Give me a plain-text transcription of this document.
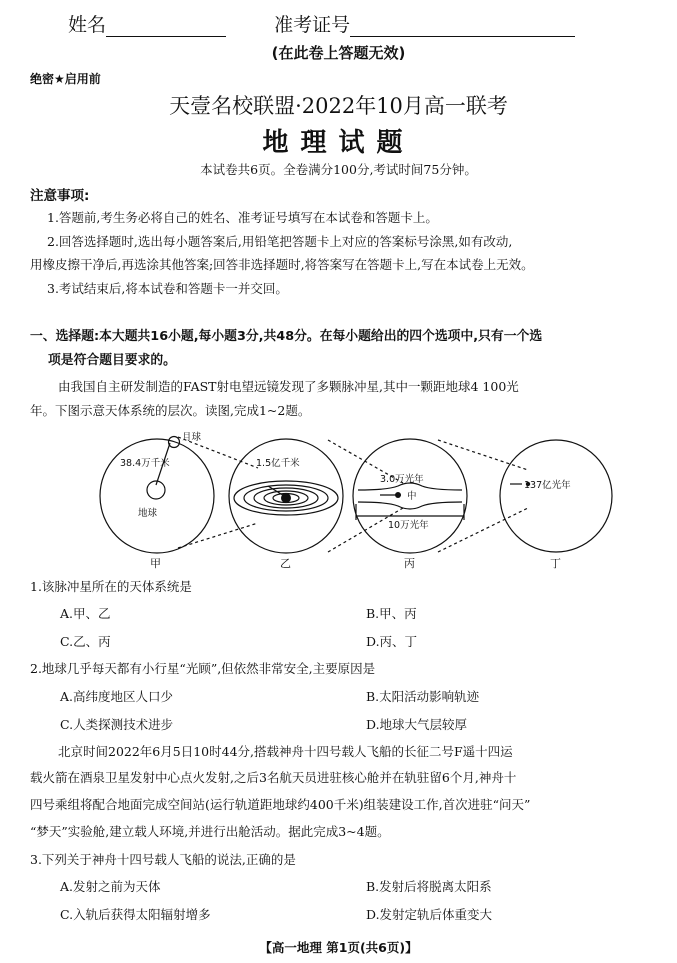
姓名	准考证号
(在此卷上答题无效)
绝密★启用前
天壹名校联盟·2022年10月高一联考
地理试题
本试卷共6页。全卷满分100分,考试时间75分钟。
注意事项:
1.答题前,考生务必将自己的姓名、准考证号填写在本试卷和答题卡上。
2.回答选择题时,选出每小题答案后,用铅笔把答题卡上对应的答案标号涂黑,如有改动,
用橡皮擦干净后,再选涂其他答案;回答非选择题时,将答案写在答题卡上,写在本试卷上无效。
3.考试结束后,将本试卷和答题卡一并交回。
一、选择题:本大题共16小题,每小题3分,共48分。在每小题给出的四个选项中,只有一个选
项是符合题目要求的。
由我国自主研发制造的FAST射电望远镜发现了多颗脉冲星,其中一颗距地球4 100光
年。下图示意天体系统的层次。读图,完成1~2题。
38.4万千米
月球
地球
1.5亿千米
3.0万光年
中
10万光年
137亿光年
甲	乙	丙	丁
1.该脉冲星所在的天体系统是
A.甲、乙	B.甲、丙
C.乙、丙	D.丙、丁
2.地球几乎每天都有小行星“光顾”,但依然非常安全,主要原因是
A.高纬度地区人口少	B.太阳活动影响轨迹
C.人类探测技术进步	D.地球大气层较厚
北京时间2022年6月5日10时44分,搭载神舟十四号载人飞船的长征二号F遥十四运
载火箭在酒泉卫星发射中心点火发射,之后3名航天员进驻核心舱并在轨驻留6个月,神舟十
四号乘组将配合地面完成空间站(运行轨道距地球约400千米)组装建设工作,首次进驻“问天”
“梦天”实验舱,建立载人环境,并进行出舱活动。据此完成3~4题。
3.下列关于神舟十四号载人飞船的说法,正确的是
A.发射之前为天体	B.发射后将脱离太阳系
C.入轨后获得太阳辐射增多	D.发射定轨后体重变大
【高一地理 第1页(共6页)】
